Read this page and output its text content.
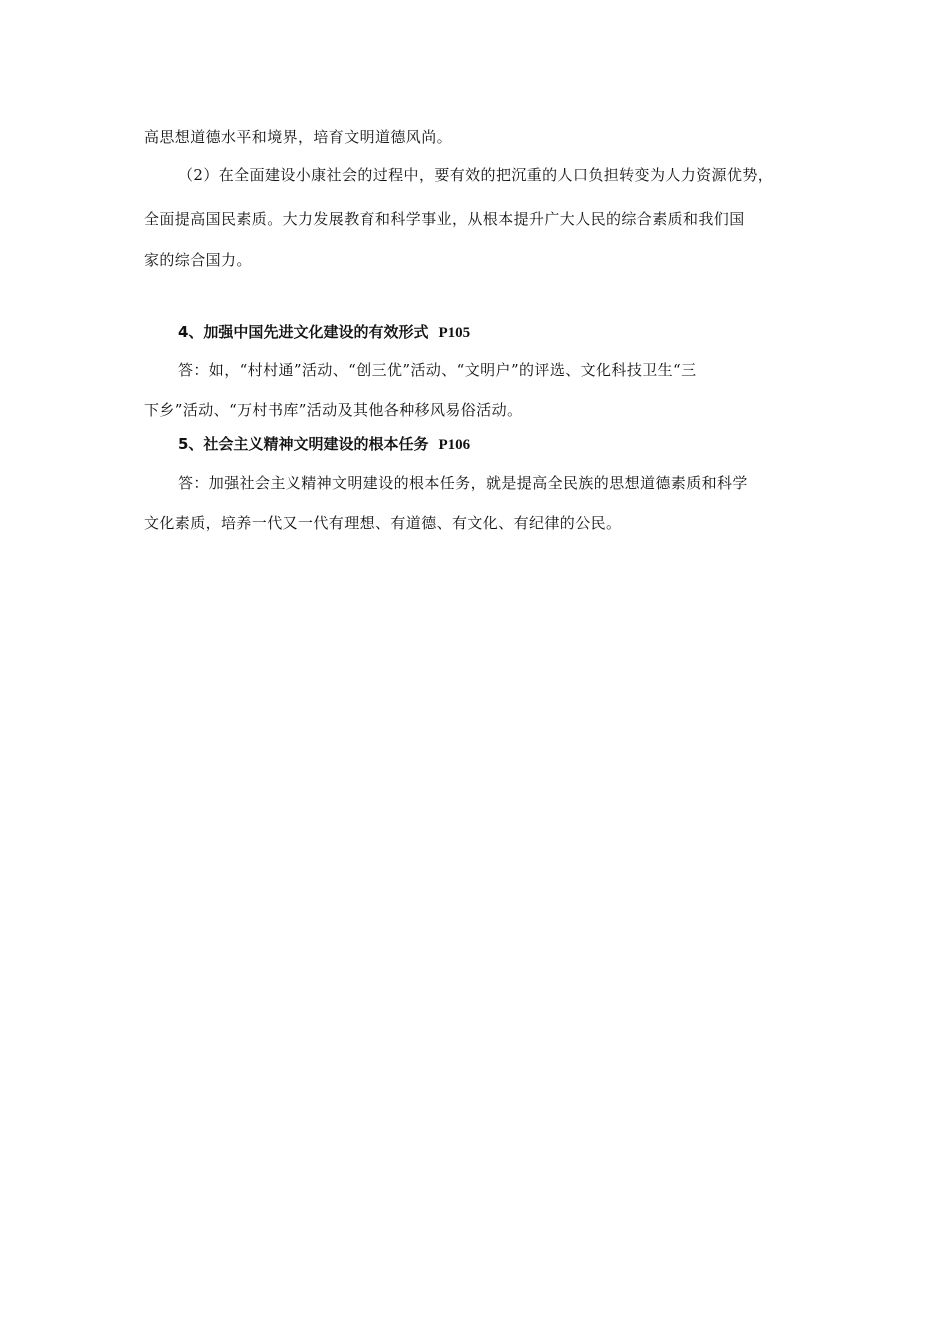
高思想道德水平和境界，培育文明道德风尚。
（2）在全面建设小康社会的过程中，要有效的把沉重的人口负担转变为人力资源优势，
全面提高国民素质。大力发展教育和科学事业，从根本提升广大人民的综合素质和我们国
家的综合国力。
4、加强中国先进文化建设的有效形式 P105
答：如，“村村通”活动、“创三优”活动、“文明户”的评选、文化科技卫生“三
下乡”活动、“万村书库”活动及其他各种移风易俗活动。
5、社会主义精神文明建设的根本任务 P106
答：加强社会主义精神文明建设的根本任务，就是提高全民族的思想道德素质和科学
文化素质，培养一代又一代有理想、有道德、有文化、有纪律的公民。
